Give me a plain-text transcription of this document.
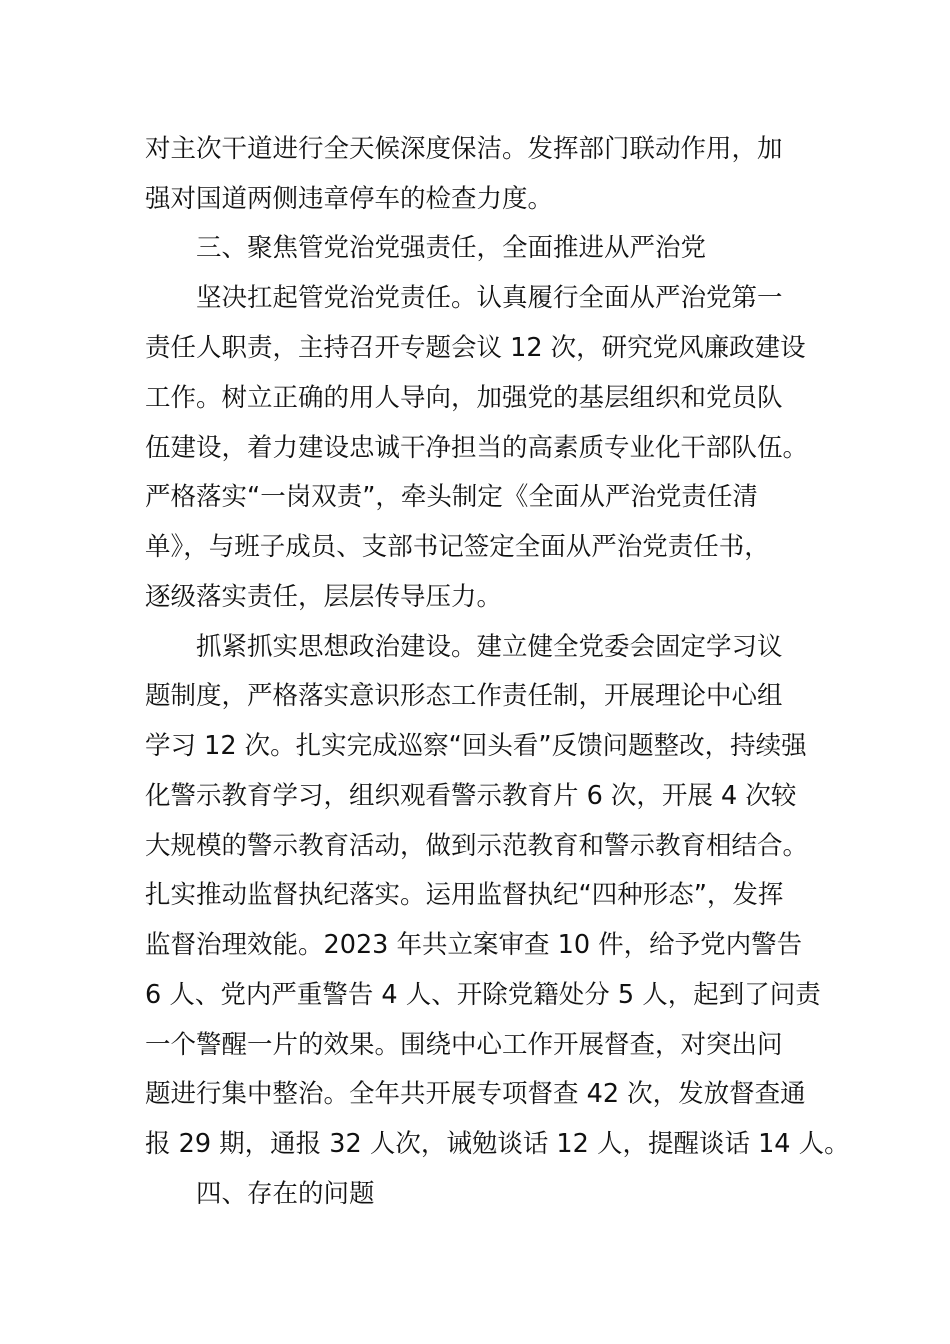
对主次干道进行全天候深度保洁。发挥部门联动作用，加

强对国道两侧违章停车的检查力度。

三、聚焦管党治党强责任，全面推进从严治党

坚决扛起管党治党责任。认真履行全面从严治党第一

责任人职责，主持召开专题会议 12 次，研究党风廉政建设

工作。树立正确的用人导向，加强党的基层组织和党员队

伍建设，着力建设忠诚干净担当的高素质专业化干部队伍。

严格落实“一岗双责”，牵头制定《全面从严治党责任清

单》，与班子成员、支部书记签定全面从严治党责任书，

逐级落实责任，层层传导压力。

抓紧抓实思想政治建设。建立健全党委会固定学习议

题制度，严格落实意识形态工作责任制，开展理论中心组

学习 12 次。扎实完成巡察“回头看”反馈问题整改，持续强

化警示教育学习，组织观看警示教育片 6 次，开展 4 次较

大规模的警示教育活动，做到示范教育和警示教育相结合。

扎实推动监督执纪落实。运用监督执纪“四种形态”，发挥

监督治理效能。2023 年共立案审查 10 件，给予党内警告

6 人、党内严重警告 4 人、开除党籍处分 5 人，起到了问责

一个警醒一片的效果。围绕中心工作开展督查，对突出问

题进行集中整治。全年共开展专项督查 42 次，发放督查通

报 29 期，通报 32 人次，诫勉谈话 12 人，提醒谈话 14 人。

四、存在的问题
